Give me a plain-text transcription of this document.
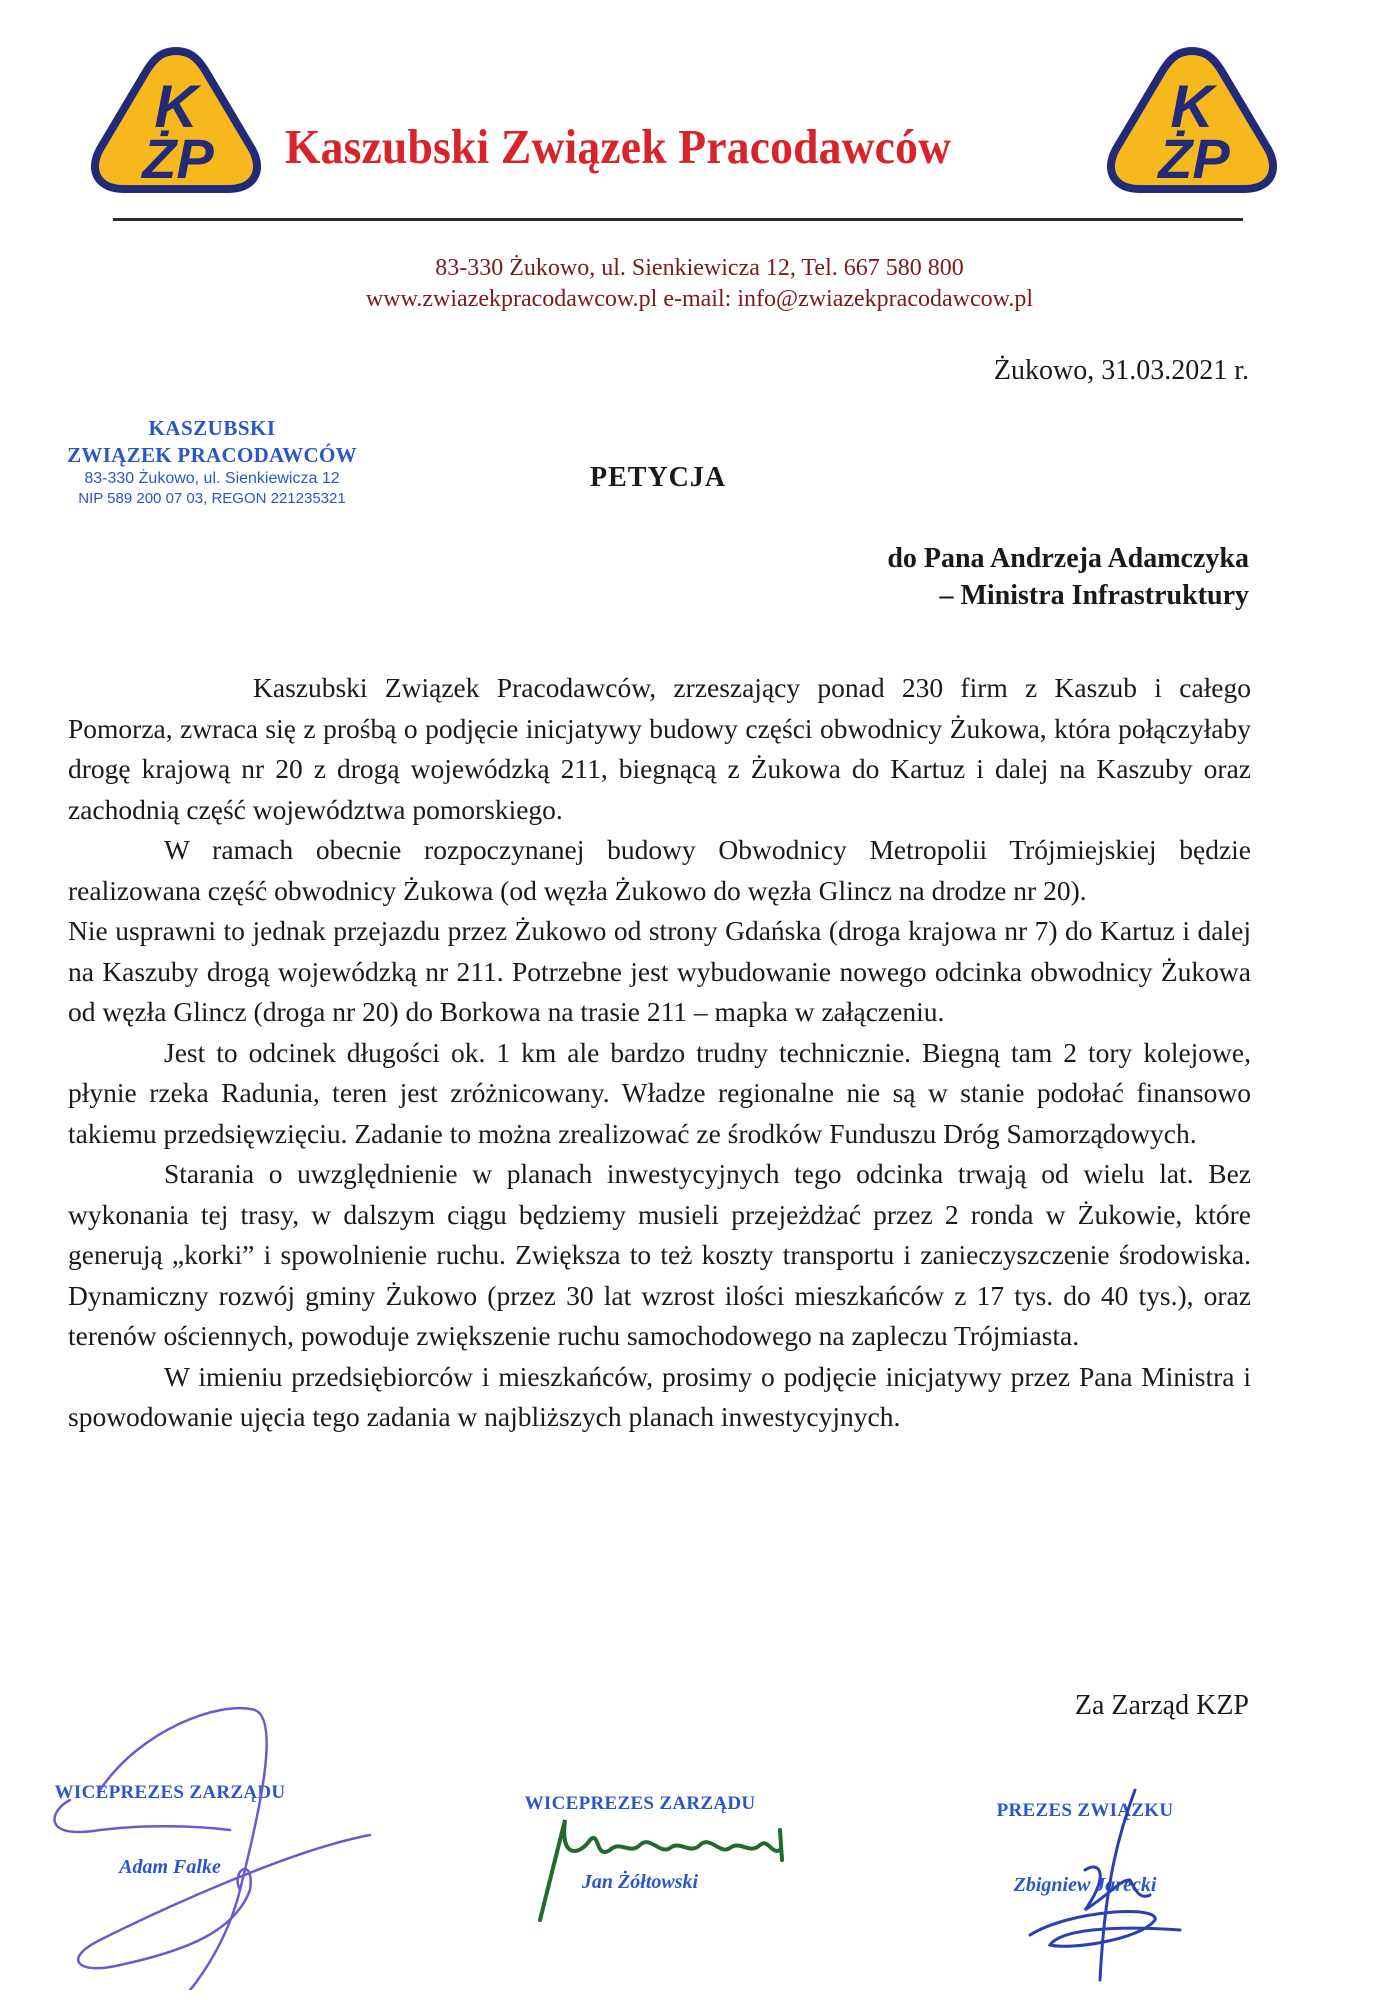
K
ŻP
K
ŻP
Kaszubski Związek Pracodawców
83-330 Żukowo, ul. Sienkiewicza 12, Tel. 667 580 800
www.zwiazekpracodawcow.pl e-mail: info@zwiazekpracodawcow.pl
Żukowo, 31.03.2021 r.
KASZUBSKI
ZWIĄZEK PRACODAWCÓW
83-330 Żukowo, ul. Sienkiewicza 12
NIP 589 200 07 03, REGON 221235321
PETYCJA
do Pana Andrzeja Adamczyka
– Ministra Infrastruktury

Kaszubski Związek Pracodawców, zrzeszający ponad 230 firm z Kaszub i całego Pomorza, zwraca się z prośbą o podjęcie inicjatywy budowy części obwodnicy Żukowa, która połączyłaby drogę krajową nr 20 z drogą wojewódzką 211, biegnącą z Żukowa do Kartuz i dalej na Kaszuby oraz zachodnią część województwa pomorskiego.

W ramach obecnie rozpoczynanej budowy Obwodnicy Metropolii Trójmiejskiej będzie realizowana część obwodnicy Żukowa (od węzła Żukowo do węzła Glincz na drodze nr 20).

Nie usprawni to jednak przejazdu przez Żukowo od strony Gdańska (droga krajowa nr 7) do Kartuz i dalej na Kaszuby drogą wojewódzką nr 211. Potrzebne jest wybudowanie nowego odcinka obwodnicy Żukowa od węzła Glincz (droga nr 20) do Borkowa na trasie 211 – mapka w załączeniu.

Jest to odcinek długości ok. 1 km ale bardzo trudny technicznie. Biegną tam 2 tory kolejowe, płynie rzeka Radunia, teren jest zróżnicowany. Władze regionalne nie są w stanie podołać finansowo takiemu przedsięwzięciu. Zadanie to można zrealizować ze środków Funduszu Dróg Samorządowych.

Starania o uwzględnienie w planach inwestycyjnych tego odcinka trwają od wielu lat. Bez wykonania tej trasy, w dalszym ciągu będziemy musieli przejeżdżać przez 2 ronda w Żukowie, które generują „korki” i spowolnienie ruchu. Zwiększa to też koszty transportu i zanieczyszczenie środowiska. Dynamiczny rozwój gminy Żukowo (przez 30 lat wzrost ilości mieszkańców z 17 tys. do 40 tys.), oraz terenów ościennych, powoduje zwiększenie ruchu samochodowego na zapleczu Trójmiasta.

W imieniu przedsiębiorców i mieszkańców, prosimy o podjęcie inicjatywy przez Pana Ministra i spowodowanie ujęcia tego zadania w najbliższych planach inwestycyjnych.

Za Zarząd KZP
WICEPREZES ZARZĄDU
Adam Falke
WICEPREZES ZARZĄDU
Jan Żółtowski
PREZES ZWIĄZKU
Zbigniew Jarecki
